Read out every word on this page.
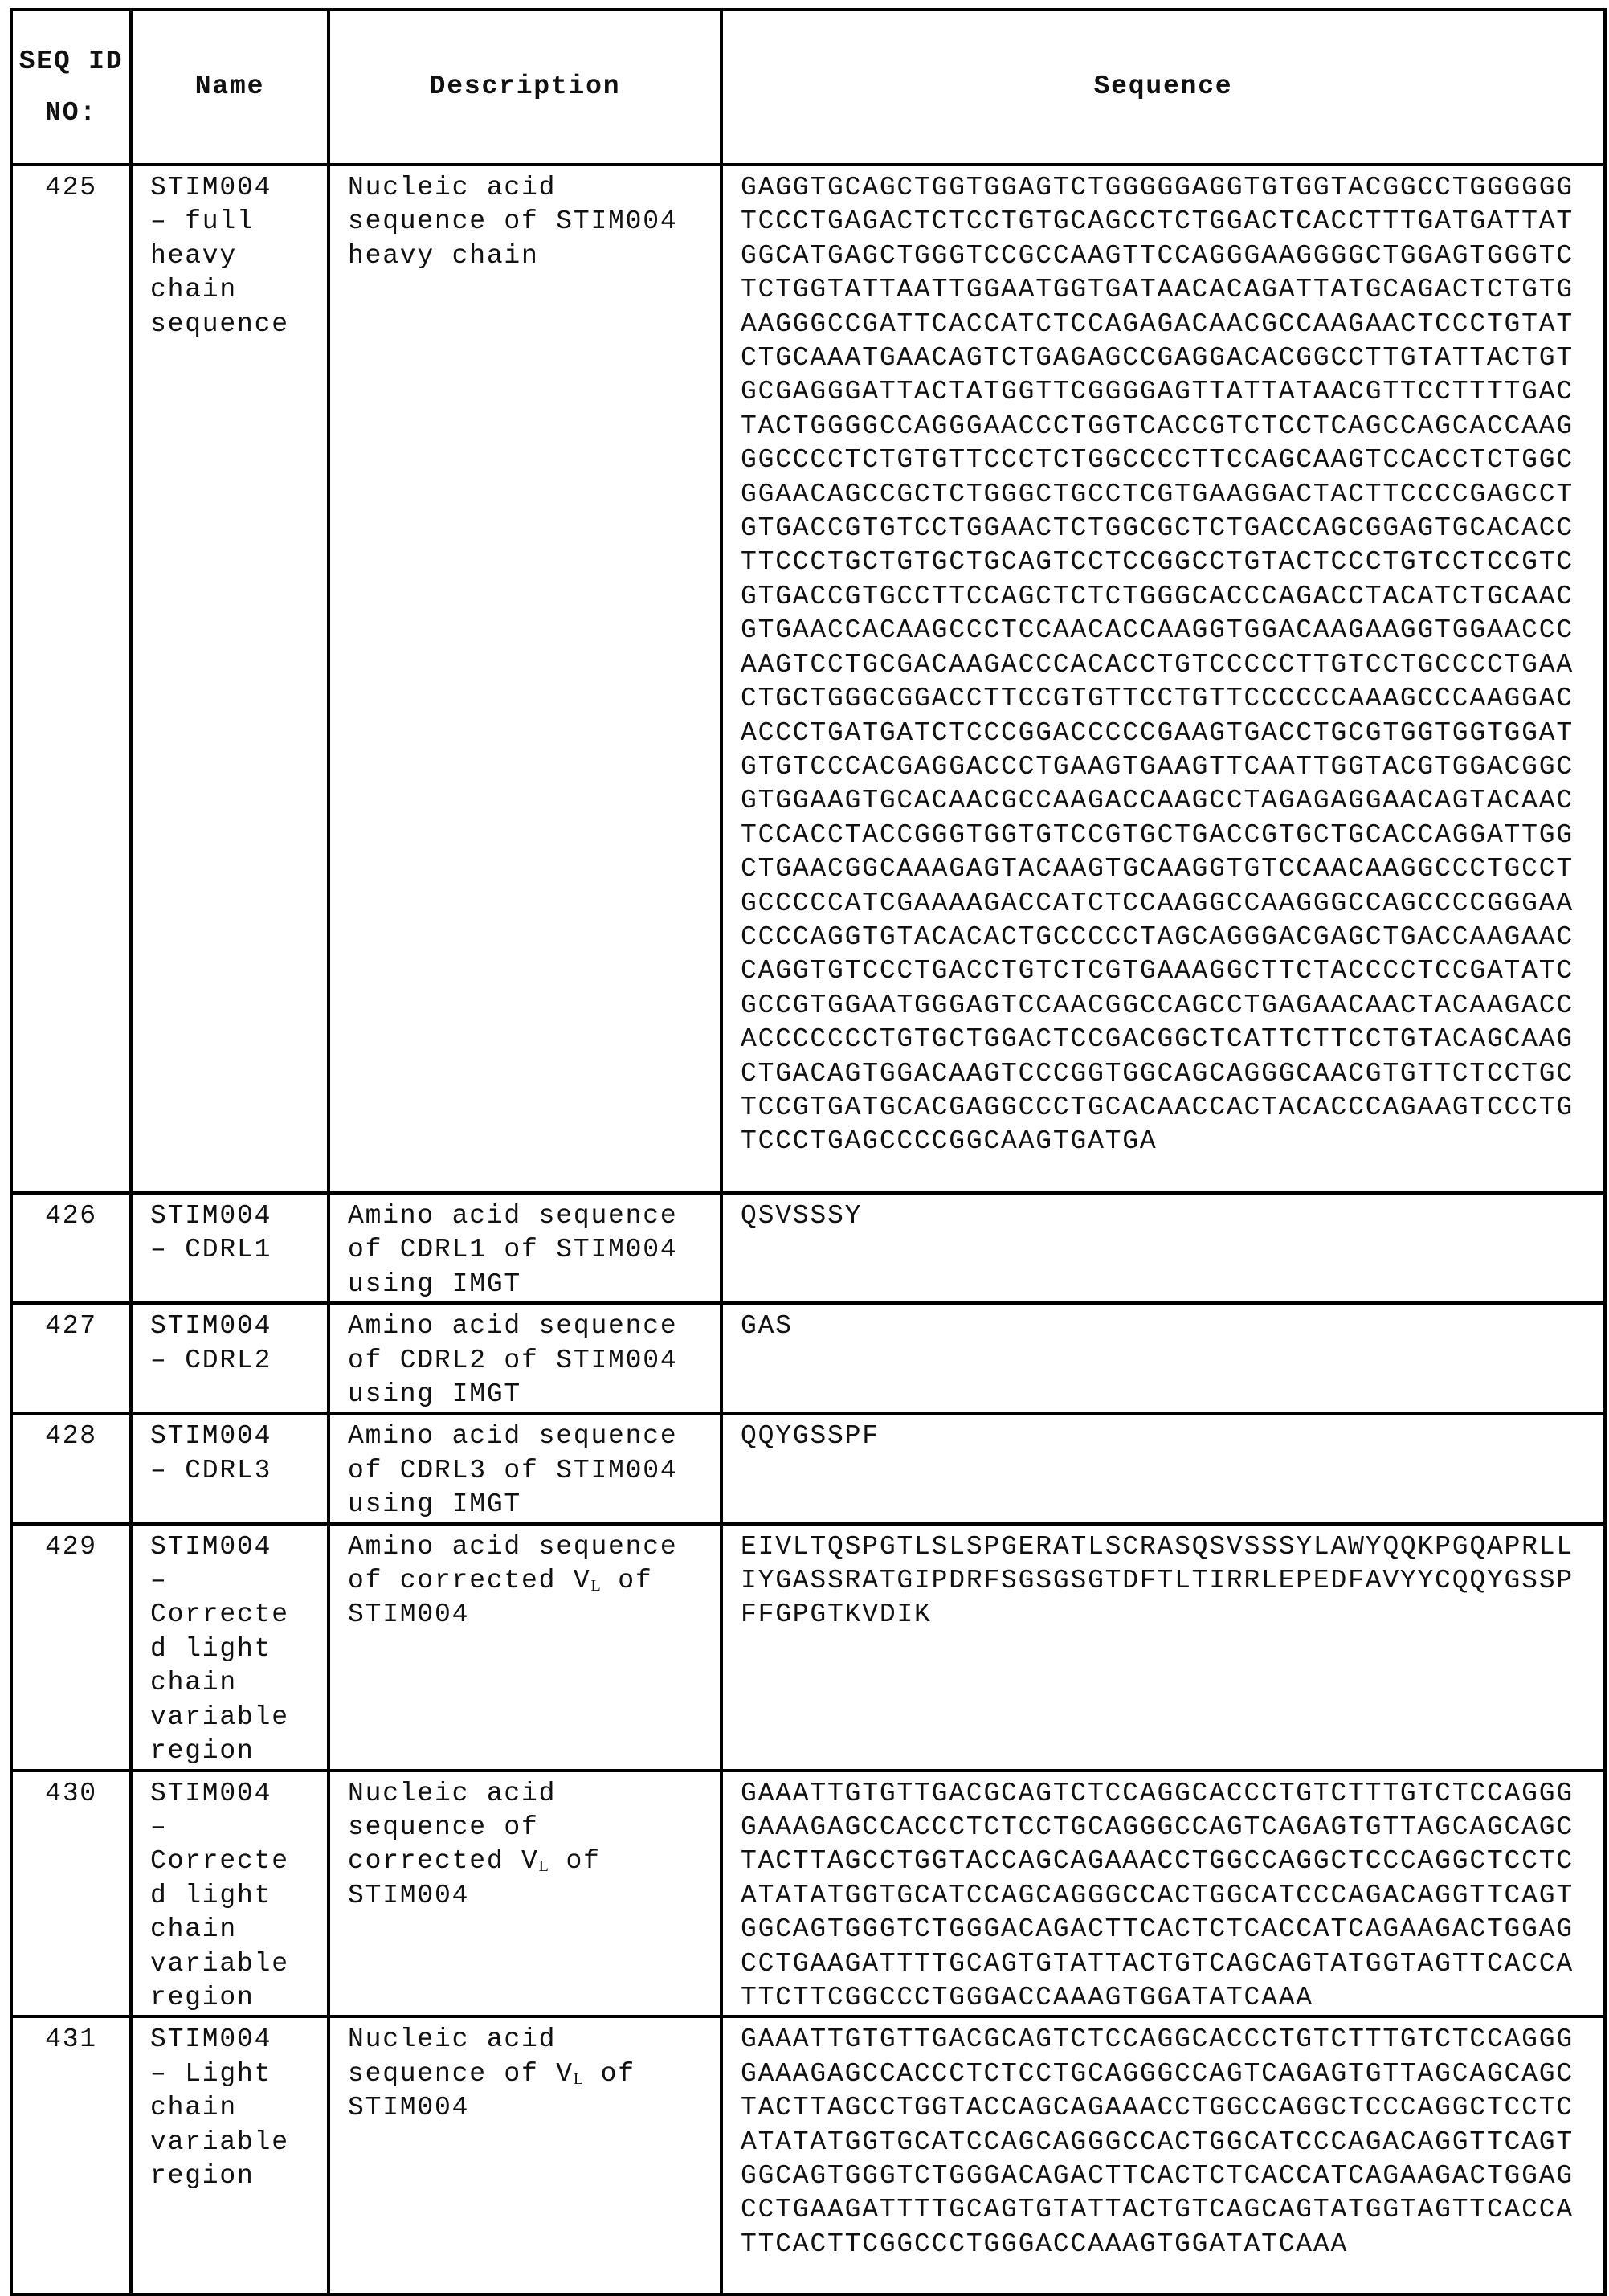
SEQ ID NO:	Name	Description	Sequence
425	STIM004 – full heavy chain sequence

Nucleic acid sequence of STIM004 heavy chain

GAGGTGCAGCTGGTGGAGTCTGGGGGAGGTGTGGTACGGCCTGGGGGGTCCCTGAGACTCTCCTGTGCAGCCTCTGGACTCACCTTTGATGATTATGGCATGAGCTGGGTCCGCCAAGTTCCAGGGAAGGGGCTGGAGTGGGTCTCTGGTATTAATTGGAATGGTGATAACACAGATTATGCAGACTCTGTGAAGGGCCGATTCACCATCTCCAGAGACAACGCCAAGAACTCCCTGTATCTGCAAATGAACAGTCTGAGAGCCGAGGACACGGCCTTGTATTACTGTGCGAGGGATTACTATGGTTCGGGGAGTTATTATAACGTTCCTTTTGACTACTGGGGCCAGGGAACCCTGGTCACCGTCTCCTCAGCCAGCACCAAGGGCCCCTCTGTGTTCCCTCTGGCCCCTTCCAGCAAGTCCACCTCTGGCGGAACAGCCGCTCTGGGCTGCCTCGTGAAGGACTACTTCCCCGAGCCTGTGACCGTGTCCTGGAACTCTGGCGCTCTGACCAGCGGAGTGCACACCTTCCCTGCTGTGCTGCAGTCCTCCGGCCTGTACTCCCTGTCCTCCGTCGTGACCGTGCCTTCCAGCTCTCTGGGCACCCAGACCTACATCTGCAACGTGAACCACAAGCCCTCCAACACCAAGGTGGACAAGAAGGTGGAACCCAAGTCCTGCGACAAGACCCACACCTGTCCCCCTTGTCCTGCCCCTGAACTGCTGGGCGGACCTTCCGTGTTCCTGTTCCCCCCAAAGCCCAAGGACACCCTGATGATCTCCCGGACCCCCGAAGTGACCTGCGTGGTGGTGGATGTGTCCCACGAGGACCCTGAAGTGAAGTTCAATTGGTACGTGGACGGCGTGGAAGTGCACAACGCCAAGACCAAGCCTAGAGAGGAACAGTACAACTCCACCTACCGGGTGGTGTCCGTGCTGACCGTGCTGCACCAGGATTGGCTGAACGGCAAAGAGTACAAGTGCAAGGTGTCCAACAAGGCCCTGCCTGCCCCCATCGAAAAGACCATCTCCAAGGCCAAGGGCCAGCCCCGGGAACCCCAGGTGTACACACTGCCCCCTAGCAGGGACGAGCTGACCAAGAACCAGGTGTCCCTGACCTGTCTCGTGAAAGGCTTCTACCCCTCCGATATCGCCGTGGAATGGGAGTCCAACGGCCAGCCTGAGAACAACTACAAGACCACCCCCCCTGTGCTGGACTCCGACGGCTCATTCTTCCTGTACAGCAAGCTGACAGTGGACAAGTCCCGGTGGCAGCAGGGCAACGTGTTCTCCTGCTCCGTGATGCACGAGGCCCTGCACAACCACTACACCCAGAAGTCCCTGTCCCTGAGCCCCGGCAAGTGATGA

426	STIM004 – CDRL1

Amino acid sequence of CDRL1 of STIM004 using IMGT

QSVSSSY

427	STIM004 – CDRL2

Amino acid sequence of CDRL2 of STIM004 using IMGT

GAS

428	STIM004 – CDRL3

Amino acid sequence of CDRL3 of STIM004 using IMGT

QQYGSSPF

429	STIM004 – Corrected light chain variable region

Amino acid sequence of corrected VL of STIM004

EIVLTQSPGTLSLSPGERATLSCRASQSVSSSYLAWYQQKPGQAPRLLIYGASSRATGIPDRFSGSGSGTDFTLTIRRLEPEDFAVYYCQQYGSSPFFGPGTKVDIK

430	STIM004 – Corrected light chain variable region

Nucleic acid sequence of corrected VL of STIM004

GAAATTGTGTTGACGCAGTCTCCAGGCACCCTGTCTTTGTCTCCAGGGGAAAGAGCCACCCTCTCCTGCAGGGCCAGTCAGAGTGTTAGCAGCAGCTACTTAGCCTGGTACCAGCAGAAACCTGGCCAGGCTCCCAGGCTCCTCATATATGGTGCATCCAGCAGGGCCACTGGCATCCCAGACAGGTTCAGTGGCAGTGGGTCTGGGACAGACTTCACTCTCACCATCAGAAGACTGGAGCCTGAAGATTTTGCAGTGTATTACTGTCAGCAGTATGGTAGTTCACCATTCTTCGGCCCTGGGACCAAAGTGGATATCAAA

431	STIM004 – Light chain variable region

Nucleic acid sequence of VL of STIM004

GAAATTGTGTTGACGCAGTCTCCAGGCACCCTGTCTTTGTCTCCAGGGGAAAGAGCCACCCTCTCCTGCAGGGCCAGTCAGAGTGTTAGCAGCAGCTACTTAGCCTGGTACCAGCAGAAACCTGGCCAGGCTCCCAGGCTCCTCATATATGGTGCATCCAGCAGGGCCACTGGCATCCCAGACAGGTTCAGTGGCAGTGGGTCTGGGACAGACTTCACTCTCACCATCAGAAGACTGGAGCCTGAAGATTTTGCAGTGTATTACTGTCAGCAGTATGGTAGTTCACCATTCACTTCGGCCCTGGGACCAAAGTGGATATCAAA
